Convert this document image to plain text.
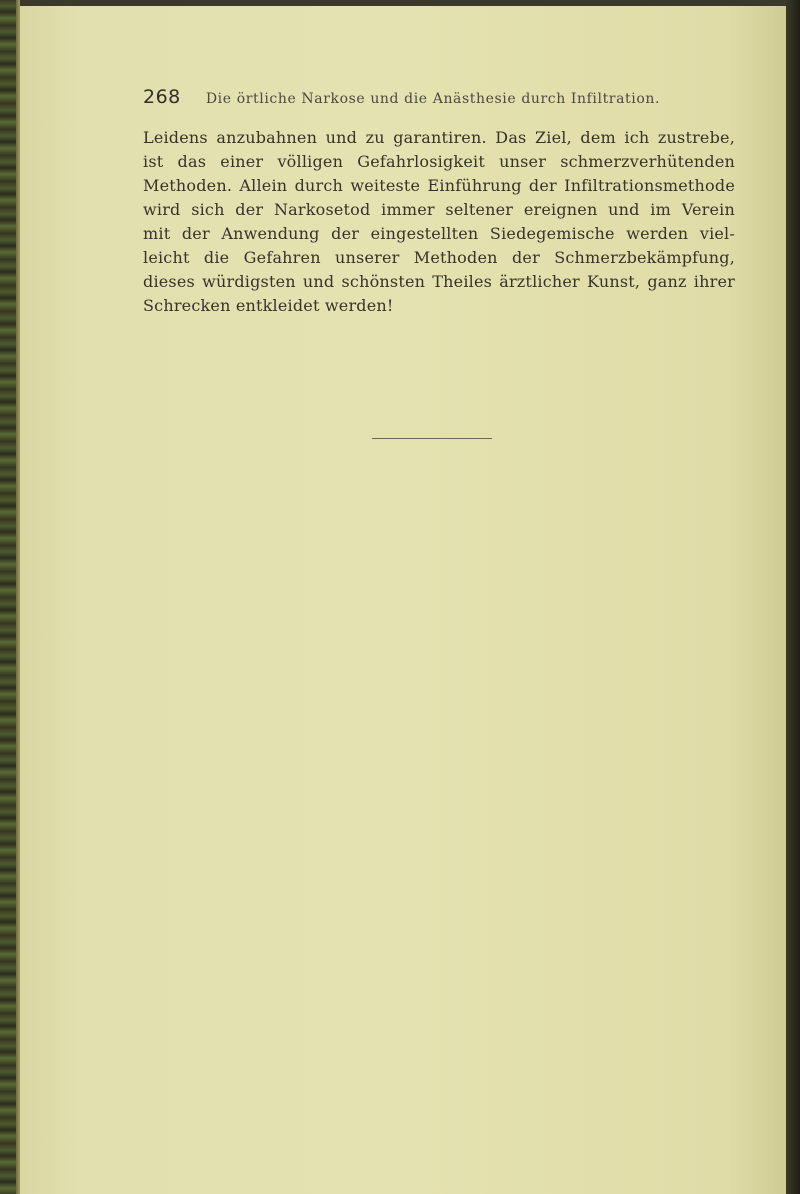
268 Die örtliche Narkose und die Anästhesie durch Infiltration.
Leidens anzubahnen und zu garantiren. Das Ziel, dem ich zustrebe,
ist das einer völligen Gefahrlosigkeit unser schmerzverhütenden
Methoden. Allein durch weiteste Einführung der Infiltrationsmethode
wird sich der Narkosetod immer seltener ereignen und im Verein
mit der Anwendung der eingestellten Siedegemische werden viel-
leicht die Gefahren unserer Methoden der Schmerzbekämpfung,
dieses würdigsten und schönsten Theiles ärztlicher Kunst, ganz ihrer
Schrecken entkleidet werden!
